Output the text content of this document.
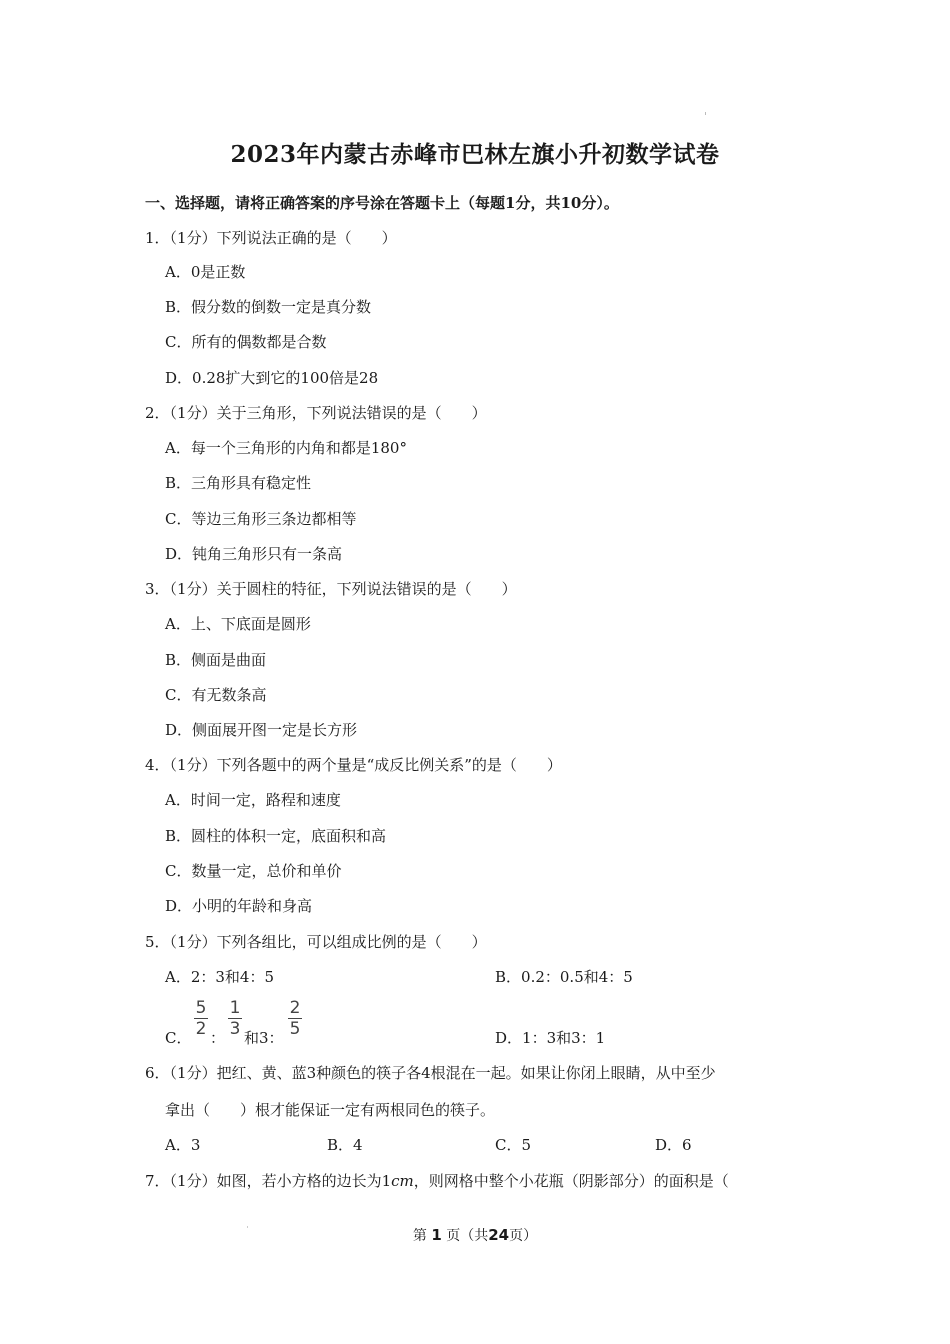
2023年内蒙古赤峰市巴林左旗小升初数学试卷
一、选择题，请将正确答案的序号涂在答题卡上（每题1分，共10分）。
1．（1分）下列说法正确的是（　　）
A．0是正数
B．假分数的倒数一定是真分数
C．所有的偶数都是合数
D．0.28扩大到它的100倍是28
2．（1分）关于三角形，下列说法错误的是（　　）
A．每一个三角形的内角和都是180°
B．三角形具有稳定性
C．等边三角形三条边都相等
D．钝角三角形只有一条高
3．（1分）关于圆柱的特征，下列说法错误的是（　　）
A．上、下底面是圆形
B．侧面是曲面
C．有无数条高
D．侧面展开图一定是长方形
4．（1分）下列各题中的两个量是“成反比例关系”的是（　　）
A．时间一定，路程和速度
B．圆柱的体积一定，底面积和高
C．数量一定，总价和单价
D．小明的年龄和身高
5．（1分）下列各组比，可以组成比例的是（　　）
A．2：3和4：5	B．0.2：0.5和4：5
C．
5
2 ：
1
3 和3：
2
5	D．1：3和3：1
6．（1分）把红、黄、蓝3种颜色的筷子各4根混在一起。如果让你闭上眼睛，从中至少
拿出（　　）根才能保证一定有两根同色的筷子。
A．3	B．4	C．5	D．6
7．（1分）如图，若小方格的边长为1cm，则网格中整个小花瓶（阴影部分）的面积是（
第 1 页（共24页）
